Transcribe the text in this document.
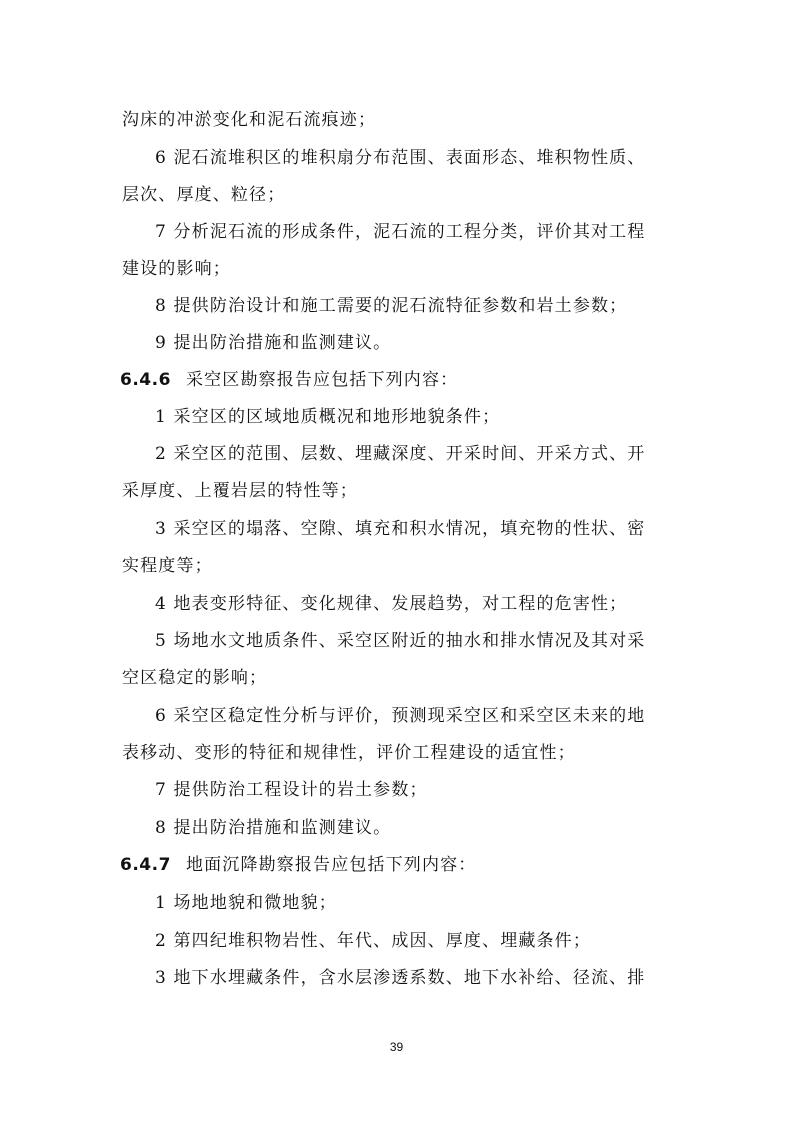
沟床的冲淤变化和泥石流痕迹；
6 泥石流堆积区的堆积扇分布范围、表面形态、堆积物性质、
层次、厚度、粒径；
7 分析泥石流的形成条件，泥石流的工程分类，评价其对工程
建设的影响；
8 提供防治设计和施工需要的泥石流特征参数和岩土参数；
9 提出防治措施和监测建议。
6.4.6 采空区勘察报告应包括下列内容：
1 采空区的区域地质概况和地形地貌条件；
2 采空区的范围、层数、埋藏深度、开采时间、开采方式、开
采厚度、上覆岩层的特性等；
3 采空区的塌落、空隙、填充和积水情况，填充物的性状、密
实程度等；
4 地表变形特征、变化规律、发展趋势，对工程的危害性；
5 场地水文地质条件、采空区附近的抽水和排水情况及其对采
空区稳定的影响；
6 采空区稳定性分析与评价，预测现采空区和采空区未来的地
表移动、变形的特征和规律性，评价工程建设的适宜性；
7 提供防治工程设计的岩土参数；
8 提出防治措施和监测建议。
6.4.7 地面沉降勘察报告应包括下列内容：
1 场地地貌和微地貌；
2 第四纪堆积物岩性、年代、成因、厚度、埋藏条件；
3 地下水埋藏条件，含水层渗透系数、地下水补给、径流、排
39
